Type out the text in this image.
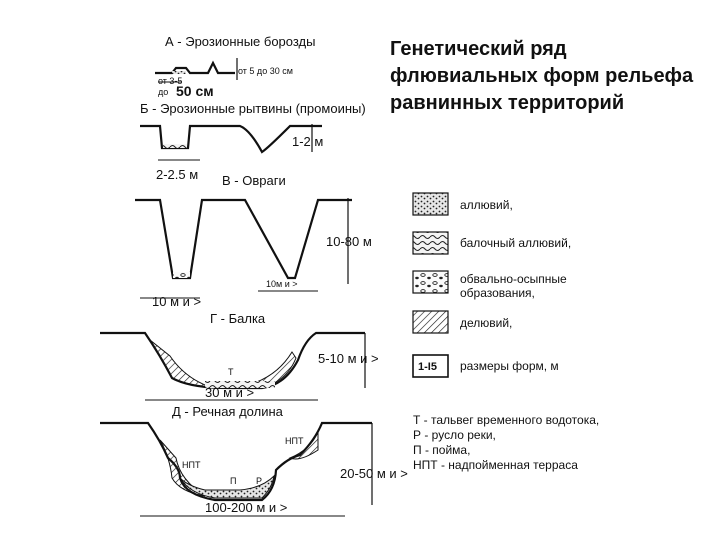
Генетический ряд флювиальных форм рельефа равнинных территорий
А - Эрозионные борозды
от 5 до 30 см
от 3-5
до 50 см
Б - Эрозионные рытвины (промоины)
1-2 м
2-2.5 м В - Овраги
10-80 м
10м и >
10 м и >
Г - Балка
Т
5-10 м и >
30 м и >
Д - Речная долина
НПТ
НПТ
П Р	20-50 м и >
100-200 м и >
аллювий,
балочный аллювий,
обвально-осыпные образования,
делювий,
1-I5 размеры форм, м
Т - тальвег временного водотока,
Р - русло реки,
П - пойма,
НПТ - надпойменная терраса
